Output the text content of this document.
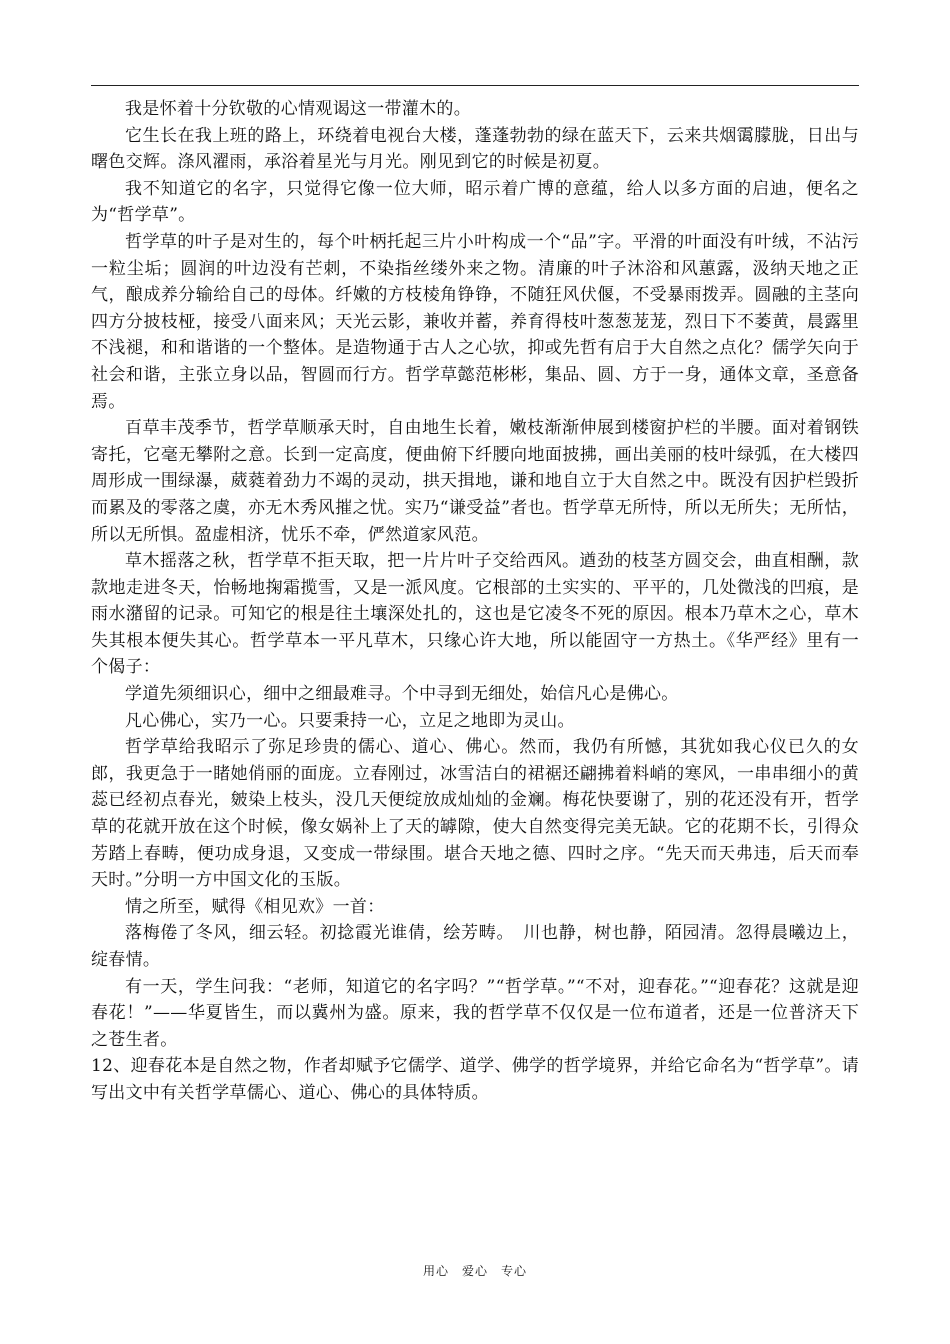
我是怀着十分钦敬的心情观谒这一带灌木的。

它生长在我上班的路上，环绕着电视台大楼，蓬蓬勃勃的绿在蓝天下，云来共烟霭朦胧，日出与曙色交辉。涤风濯雨，承浴着星光与月光。刚见到它的时候是初夏。

我不知道它的名字，只觉得它像一位大师，昭示着广博的意蕴，给人以多方面的启迪，便名之为“哲学草”。

哲学草的叶子是对生的，每个叶柄托起三片小叶构成一个“品”字。平滑的叶面没有叶绒，不沾污一粒尘垢；圆润的叶边没有芒刺，不染指丝缕外来之物。清廉的叶子沐浴和风蕙露，汲纳天地之正气，酿成养分输给自己的母体。纤嫩的方枝棱角铮铮，不随狂风伏偃，不受暴雨拨弄。圆融的主茎向四方分披枝桠，接受八面来风；天光云影，兼收并蓄，养育得枝叶葱葱茏茏，烈日下不萎黄，晨露里不浅褪，和和谐谐的一个整体。是造物通于古人之心欤，抑或先哲有启于大自然之点化？儒学矢向于社会和谐，主张立身以品，智圆而行方。哲学草懿范彬彬，集品、圆、方于一身，通体文章，圣意备焉。

百草丰茂季节，哲学草顺承天时，自由地生长着，嫩枝渐渐伸展到楼窗护栏的半腰。面对着钢铁寄托，它毫无攀附之意。长到一定高度，便曲俯下纤腰向地面披拂，画出美丽的枝叶绿弧，在大楼四周形成一围绿瀑，葳蕤着劲力不竭的灵动，拱天揖地，谦和地自立于大自然之中。既没有因护栏毁折而累及的零落之虞，亦无木秀风摧之忧。实乃“谦受益”者也。哲学草无所恃，所以无所失；无所怙，所以无所惧。盈虚相济，忧乐不牵，俨然道家风范。

草木摇落之秋，哲学草不拒天取，把一片片叶子交给西风。遒劲的枝茎方圆交会，曲直相酬，款款地走进冬天，怡畅地掬霜揽雪，又是一派风度。它根部的土实实的、平平的，几处微浅的凹痕，是雨水潴留的记录。可知它的根是往土壤深处扎的，这也是它凌冬不死的原因。根本乃草木之心，草木失其根本便失其心。哲学草本一平凡草木，只缘心许大地，所以能固守一方热土。《华严经》里有一个偈子：

学道先须细识心，细中之细最难寻。个中寻到无细处，始信凡心是佛心。

凡心佛心，实乃一心。只要秉持一心，立足之地即为灵山。

哲学草给我昭示了弥足珍贵的儒心、道心、佛心。然而，我仍有所憾，其犹如我心仪已久的女郎，我更急于一睹她俏丽的面庞。立春刚过，冰雪洁白的裙裾还翩拂着料峭的寒风，一串串细小的黄蕊已经初点春光，皴染上枝头，没几天便绽放成灿灿的金斓。梅花快要谢了，别的花还没有开，哲学草的花就开放在这个时候，像女娲补上了天的罅隙，使大自然变得完美无缺。它的花期不长，引得众芳踏上春畴，便功成身退，又变成一带绿围。堪合天地之德、四时之序。“先天而天弗违，后天而奉天时。”分明一方中国文化的玉版。

情之所至，赋得《相见欢》一首：

落梅倦了冬风，细云轻。初捻霞光谁倩，绘芳畴。　川也静，树也静，陌园清。忽得晨曦边上，绽春情。

有一天，学生问我：“老师，知道它的名字吗？”“哲学草。”“不对，迎春花。”“迎春花？这就是迎春花！”——华夏皆生，而以冀州为盛。原来，我的哲学草不仅仅是一位布道者，还是一位普济天下之苍生者。

12、迎春花本是自然之物，作者却赋予它儒学、道学、佛学的哲学境界，并给它命名为“哲学草”。请写出文中有关哲学草儒心、道心、佛心的具体特质。

用心　爱心　专心
